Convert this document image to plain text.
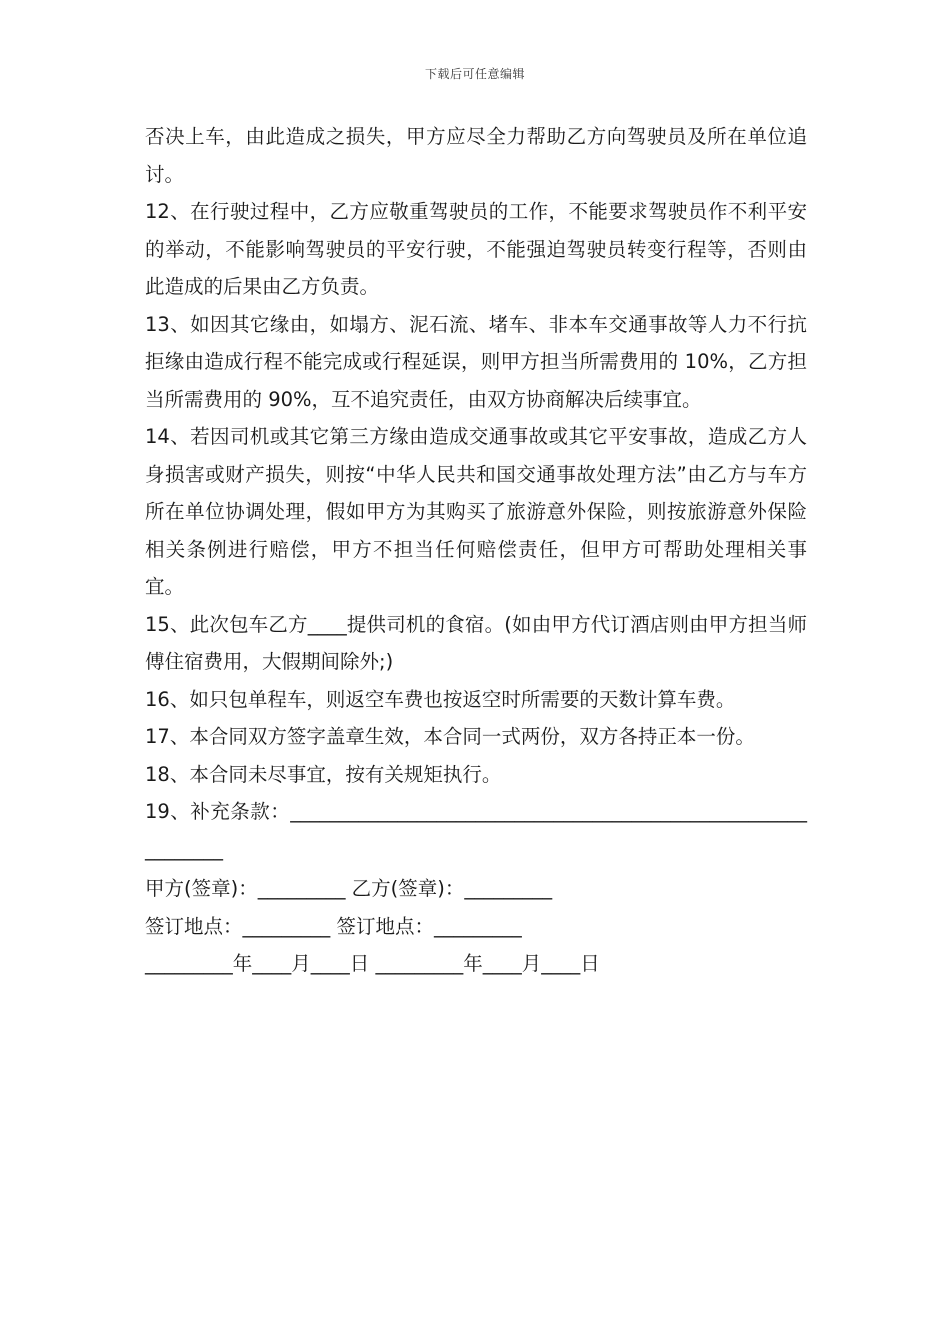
下载后可任意编辑

否决上车，由此造成之损失，甲方应尽全力帮助乙方向驾驶员及所在单位追讨。

12、在行驶过程中，乙方应敬重驾驶员的工作，不能要求驾驶员作不利平安的举动，不能影响驾驶员的平安行驶，不能强迫驾驶员转变行程等，否则由此造成的后果由乙方负责。

13、如因其它缘由，如塌方、泥石流、堵车、非本车交通事故等人力不行抗拒缘由造成行程不能完成或行程延误，则甲方担当所需费用的 10%，乙方担当所需费用的 90%，互不追究责任，由双方协商解决后续事宜。

14、若因司机或其它第三方缘由造成交通事故或其它平安事故，造成乙方人身损害或财产损失，则按“中华人民共和国交通事故处理方法”由乙方与车方所在单位协调处理，假如甲方为其购买了旅游意外保险，则按旅游意外保险相关条例进行赔偿，甲方不担当任何赔偿责任，但甲方可帮助处理相关事宜。

15、此次包车乙方____提供司机的食宿。(如由甲方代订酒店则由甲方担当师傅住宿费用，大假期间除外;)

16、如只包单程车，则返空车费也按返空时所需要的天数计算车费。

17、本合同双方签字盖章生效，本合同一式两份，双方各持正本一份。

18、本合同未尽事宜，按有关规矩执行。

19、补充条款：_____________________________________________________________

甲方(签章)：_________ 乙方(签章)：_________

签订地点：_________ 签订地点：_________

_________年____月____日 _________年____月____日
